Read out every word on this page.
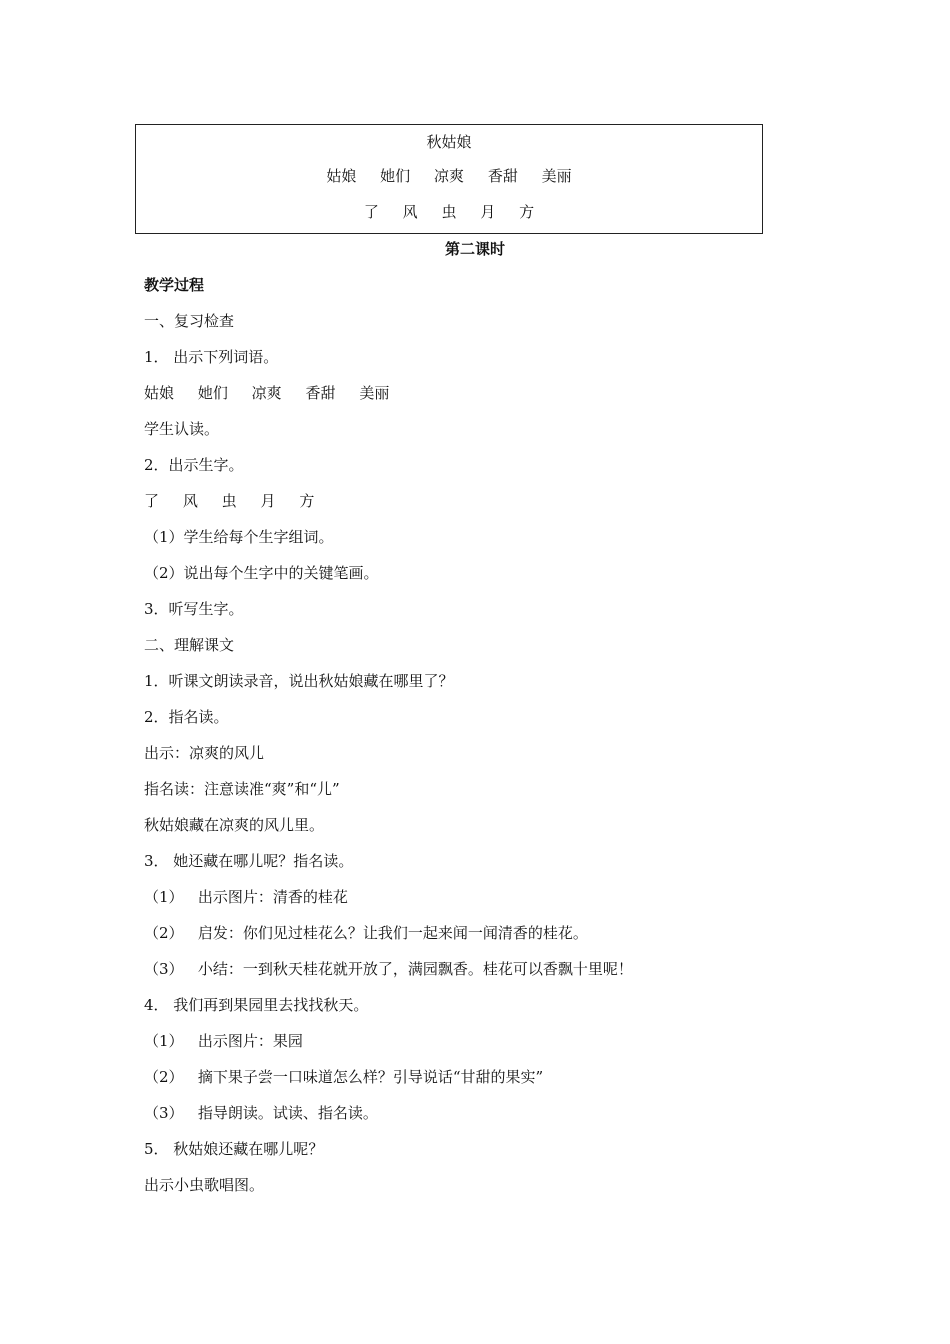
秋姑娘
姑娘     她们     凉爽     香甜     美丽
了     风     虫     月     方
第二课时
教学过程
一、复习检查
1． 出示下列词语。
姑娘     她们     凉爽     香甜     美丽
学生认读。
2．出示生字。
了     风     虫     月     方
（1）学生给每个生字组词。
（2）说出每个生字中的关键笔画。
3．听写生字。
二、理解课文
1．听课文朗读录音，说出秋姑娘藏在哪里了？
2．指名读。
出示：凉爽的风儿
指名读：注意读准“爽”和“儿”
秋姑娘藏在凉爽的风儿里。
3． 她还藏在哪儿呢？指名读。
（1）   出示图片：清香的桂花
（2）   启发：你们见过桂花么？让我们一起来闻一闻清香的桂花。
（3）   小结：一到秋天桂花就开放了，满园飘香。桂花可以香飘十里呢！
4． 我们再到果园里去找找秋天。
（1）   出示图片：果园
（2）   摘下果子尝一口味道怎么样？引导说话“甘甜的果实”
（3）   指导朗读。试读、指名读。
5． 秋姑娘还藏在哪儿呢？
出示小虫歌唱图。
